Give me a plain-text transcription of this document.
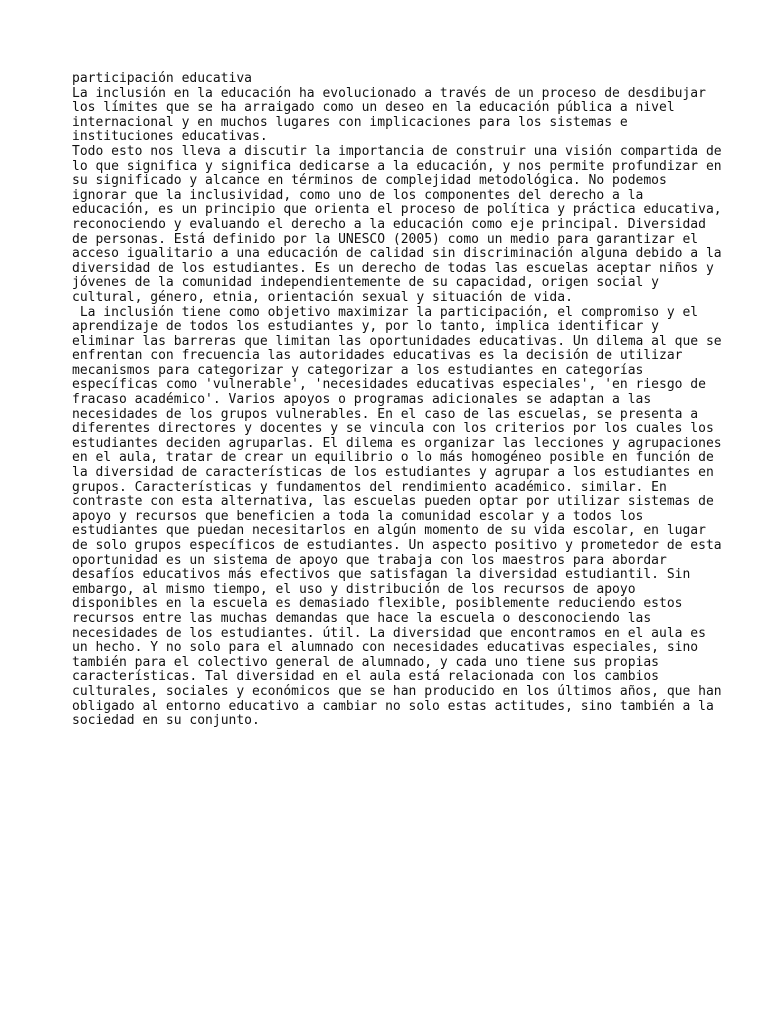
participación educativa

La inclusión en la educación ha evolucionado a través de un proceso de desdibujar

los límites que se ha arraigado como un deseo en la educación pública a nivel

internacional y en muchos lugares con implicaciones para los sistemas e

instituciones educativas.

Todo esto nos lleva a discutir la importancia de construir una visión compartida de

lo que significa y significa dedicarse a la educación, y nos permite profundizar en

su significado y alcance en términos de complejidad metodológica. No podemos

ignorar que la inclusividad, como uno de los componentes del derecho a la

educación, es un principio que orienta el proceso de política y práctica educativa,

reconociendo y evaluando el derecho a la educación como eje principal. Diversidad

de personas. Está definido por la UNESCO (2005) como un medio para garantizar el

acceso igualitario a una educación de calidad sin discriminación alguna debido a la

diversidad de los estudiantes. Es un derecho de todas las escuelas aceptar niños y

jóvenes de la comunidad independientemente de su capacidad, origen social y

cultural, género, etnia, orientación sexual y situación de vida.

La inclusión tiene como objetivo maximizar la participación, el compromiso y el

aprendizaje de todos los estudiantes y, por lo tanto, implica identificar y

eliminar las barreras que limitan las oportunidades educativas. Un dilema al que se

enfrentan con frecuencia las autoridades educativas es la decisión de utilizar

mecanismos para categorizar y categorizar a los estudiantes en categorías

específicas como 'vulnerable', 'necesidades educativas especiales', 'en riesgo de

fracaso académico'. Varios apoyos o programas adicionales se adaptan a las

necesidades de los grupos vulnerables. En el caso de las escuelas, se presenta a

diferentes directores y docentes y se vincula con los criterios por los cuales los

estudiantes deciden agruparlas. El dilema es organizar las lecciones y agrupaciones

en el aula, tratar de crear un equilibrio o lo más homogéneo posible en función de

la diversidad de características de los estudiantes y agrupar a los estudiantes en

grupos. Características y fundamentos del rendimiento académico. similar. En

contraste con esta alternativa, las escuelas pueden optar por utilizar sistemas de

apoyo y recursos que beneficien a toda la comunidad escolar y a todos los

estudiantes que puedan necesitarlos en algún momento de su vida escolar, en lugar

de solo grupos específicos de estudiantes. Un aspecto positivo y prometedor de esta

oportunidad es un sistema de apoyo que trabaja con los maestros para abordar

desafíos educativos más efectivos que satisfagan la diversidad estudiantil. Sin

embargo, al mismo tiempo, el uso y distribución de los recursos de apoyo

disponibles en la escuela es demasiado flexible, posiblemente reduciendo estos

recursos entre las muchas demandas que hace la escuela o desconociendo las

necesidades de los estudiantes. útil. La diversidad que encontramos en el aula es

un hecho. Y no solo para el alumnado con necesidades educativas especiales, sino

también para el colectivo general de alumnado, y cada uno tiene sus propias

características. Tal diversidad en el aula está relacionada con los cambios

culturales, sociales y económicos que se han producido en los últimos años, que han

obligado al entorno educativo a cambiar no solo estas actitudes, sino también a la

sociedad en su conjunto.
